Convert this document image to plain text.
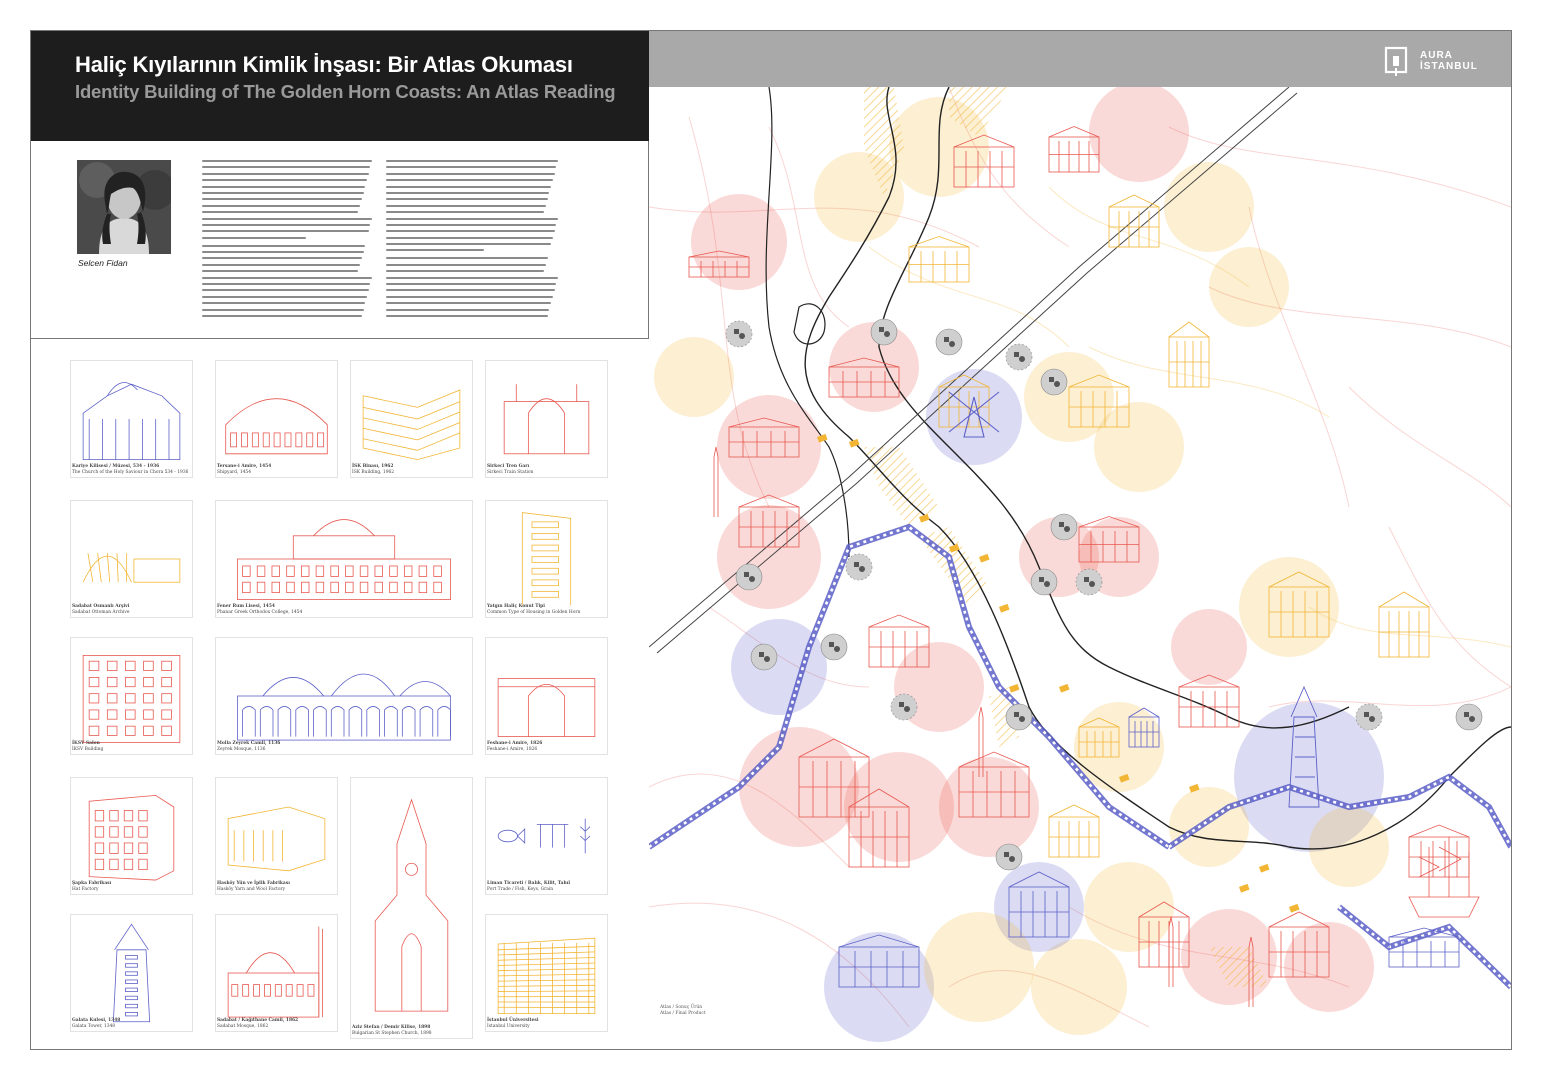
Haliç Kıyılarının Kimlik İnşası: Bir Atlas Okuması
Identity Building of The Golden Horn Coasts: An Atlas Reading
AURA
İSTANBUL
Selcen Fidan
Kariye Kilisesi / Müzesi, 534 - 1936
The Church of the Holy Saviour in Chora 534 - 1936
Tersane-i Amire, 1454
Shipyard, 1454
İSK Binası, 1962
İSK Building, 1962
Sirkeci Tren Garı
Sirkeci Train Station
Sadabat Osmanlı Arşivi
Sadabat Ottoman Archive
Fener Rum Lisesi, 1454
Phanar Greek Orthodox College, 1454
Yatgın Haliç Konut Tipi
Common Type of Housing in Golden Horn
İKSV Salon
İKSV Building
Molla Zeyrek Camii, 1136
Zeyrek Mosque, 1136
Feshane-i Amire, 1826
Feshane-i Amire, 1826
Şapka Fabrikası
Hat Factory
Hasköy Yün ve İplik Fabrikası
Hasköy Yarn and Wool Factory
Aziz Stefan / Demir Kilise, 1898
Bulgarian St Stephen Church, 1898
Liman Ticareti / Balık, Kilit, Tahıl
Port Trade / Fish, Keys, Grain
Galata Kulesi, 1348
Galata Tower, 1348
Sadabat / Kağıthane Camii, 1862
Sadabat Mosque, 1862
İstanbul Üniversitesi
İstanbul University
Atlas / Sonuç Ürün
Atlas / Final Product
